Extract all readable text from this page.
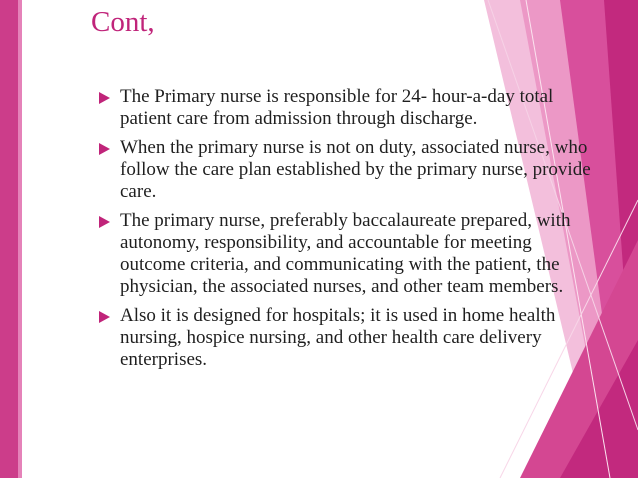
Cont,
The Primary nurse is responsible for 24- hour-a-day total patient care from admission through discharge.
When the primary nurse is not on duty, associated nurse, who follow the care plan established by the primary nurse, provide care.
The primary nurse, preferably baccalaureate prepared, with autonomy, responsibility, and accountable for meeting outcome criteria, and communicating with the patient, the physician, the associated nurses, and other team members.
Also it is designed for hospitals; it is used in home health nursing, hospice nursing, and other health care delivery enterprises.
